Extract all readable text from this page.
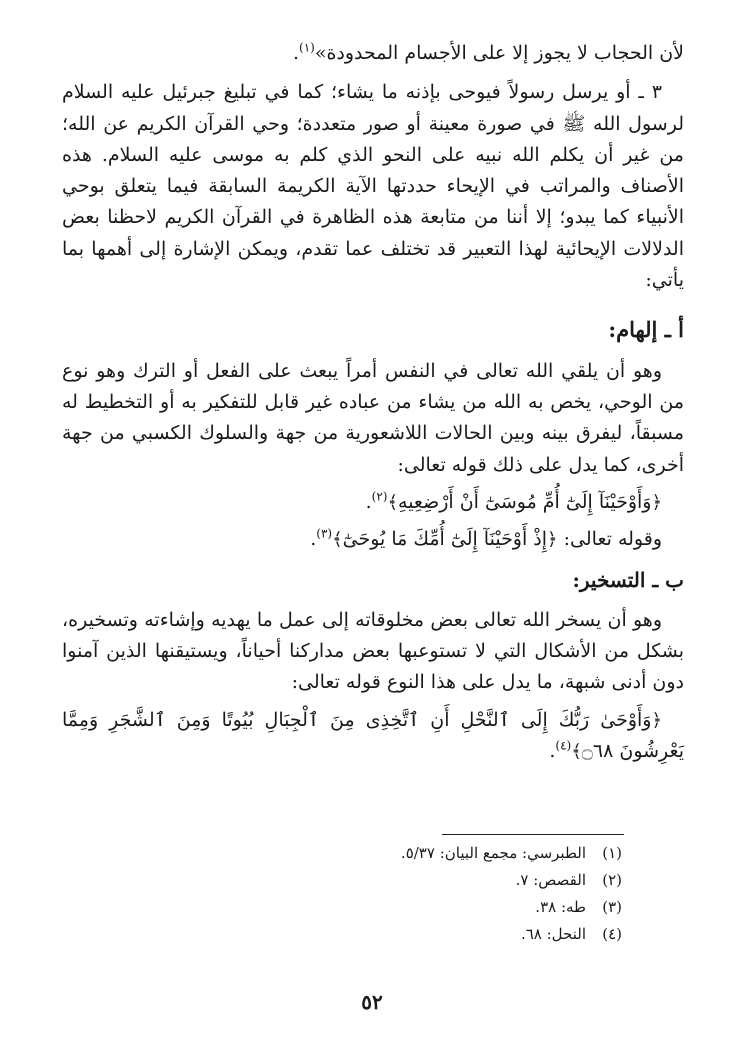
لأن الحجاب لا يجوز إلا على الأجسام المحدودة»$^{(١)}$.

٣ ـ أو يرسل رسولاً فيوحى بإذنه ما يشاء؛ كما في تبليغ جبرئيل عليه السلام لرسول الله ﷺ في صورة معينة أو صور متعددة؛ وحي القرآن الكريم عن الله؛ من غير أن يكلم الله نبيه على النحو الذي كلم به موسى عليه السلام. هذه الأصناف والمراتب في الإيحاء حددتها الآية الكريمة السابقة فيما يتعلق بوحي الأنبياء كما يبدو؛ إلا أننا من متابعة هذه الظاهرة في القرآن الكريم لاحظنا بعض الدلالات الإيحائية لهذا التعبير قد تختلف عما تقدم، ويمكن الإشارة إلى أهمها بما يأتي:

أ ـ إلهام:

وهو أن يلقي الله تعالى في النفس أمراً يبعث على الفعل أو الترك وهو نوع من الوحي، يخص به الله من يشاء من عباده غير قابل للتفكير به أو التخطيط له مسبقاً، ليفرق بينه وبين الحالات اللاشعورية من جهة والسلوك الكسبي من جهة أخرى، كما يدل على ذلك قوله تعالى:

﴿وَأَوْحَيْنَآ إِلَىٰٓ أُمِّ مُوسَىٰٓ أَنْ أَرْضِعِيهِ﴾$^{(٢)}$.

وقوله تعالى: ﴿إِذْ أَوْحَيْنَآ إِلَىٰٓ أُمِّكَ مَا يُوحَىٰٓ﴾$^{(٣)}$.

ب ـ التسخير:

وهو أن يسخر الله تعالى بعض مخلوقاته إلى عمل ما يهديه وإشاءته وتسخيره، بشكل من الأشكال التي لا تستوعبها بعض مداركنا أحياناً، ويستيقنها الذين آمنوا دون أدنى شبهة، ما يدل على هذا النوع قوله تعالى:

﴿وَأَوْحَىٰ رَبُّكَ إِلَى ٱلنَّحْلِ أَنِ ٱتَّخِذِى مِنَ ٱلْجِبَالِ بُيُوتًا وَمِنَ ٱلشَّجَرِ وَمِمَّا يَعْرِشُونَ ۝٦٨﴾$^{(٤)}$.

(١)الطبرسي: مجمع البيان: ٥/٣٧.
(٢)القصص: ٧.
(٣)طه: ٣٨.
(٤)النحل: ٦٨.
٥٢
